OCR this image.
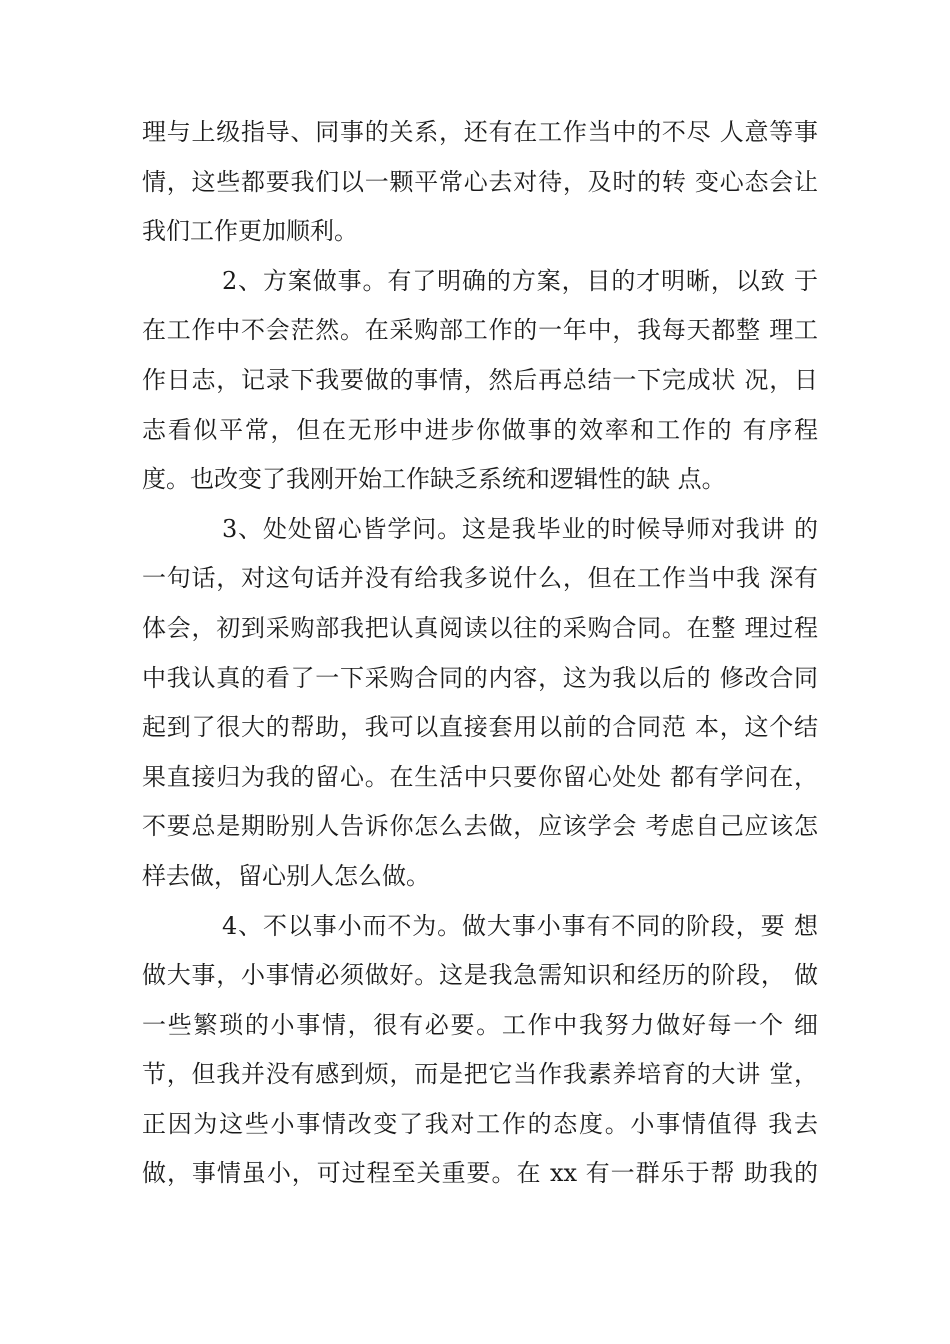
理与上级指导、同事的关系，还有在工作当中的不尽 人意等事
情，这些都要我们以一颗平常心去对待，及时的转 变心态会让
我们工作更加顺利。
2、方案做事。有了明确的方案，目的才明晰，以致 于
在工作中不会茫然。在采购部工作的一年中，我每天都整 理工
作日志，记录下我要做的事情，然后再总结一下完成状 况，日
志看似平常，但在无形中进步你做事的效率和工作的 有序程
度。也改变了我刚开始工作缺乏系统和逻辑性的缺 点。
3、处处留心皆学问。这是我毕业的时候导师对我讲 的
一句话，对这句话并没有给我多说什么，但在工作当中我 深有
体会，初到采购部我把认真阅读以往的采购合同。在整 理过程
中我认真的看了一下采购合同的内容，这为我以后的 修改合同
起到了很大的帮助，我可以直接套用以前的合同范 本，这个结
果直接归为我的留心。在生活中只要你留心处处 都有学问在，
不要总是期盼别人告诉你怎么去做，应该学会 考虑自己应该怎
样去做，留心别人怎么做。
4、不以事小而不为。做大事小事有不同的阶段，要 想
做大事，小事情必须做好。这是我急需知识和经历的阶段， 做
一些繁琐的小事情，很有必要。工作中我努力做好每一个 细
节，但我并没有感到烦，而是把它当作我素养培育的大讲 堂，
正因为这些小事情改变了我对工作的态度。小事情值得 我去
做，事情虽小，可过程至关重要。在 xx 有一群乐于帮 助我的
